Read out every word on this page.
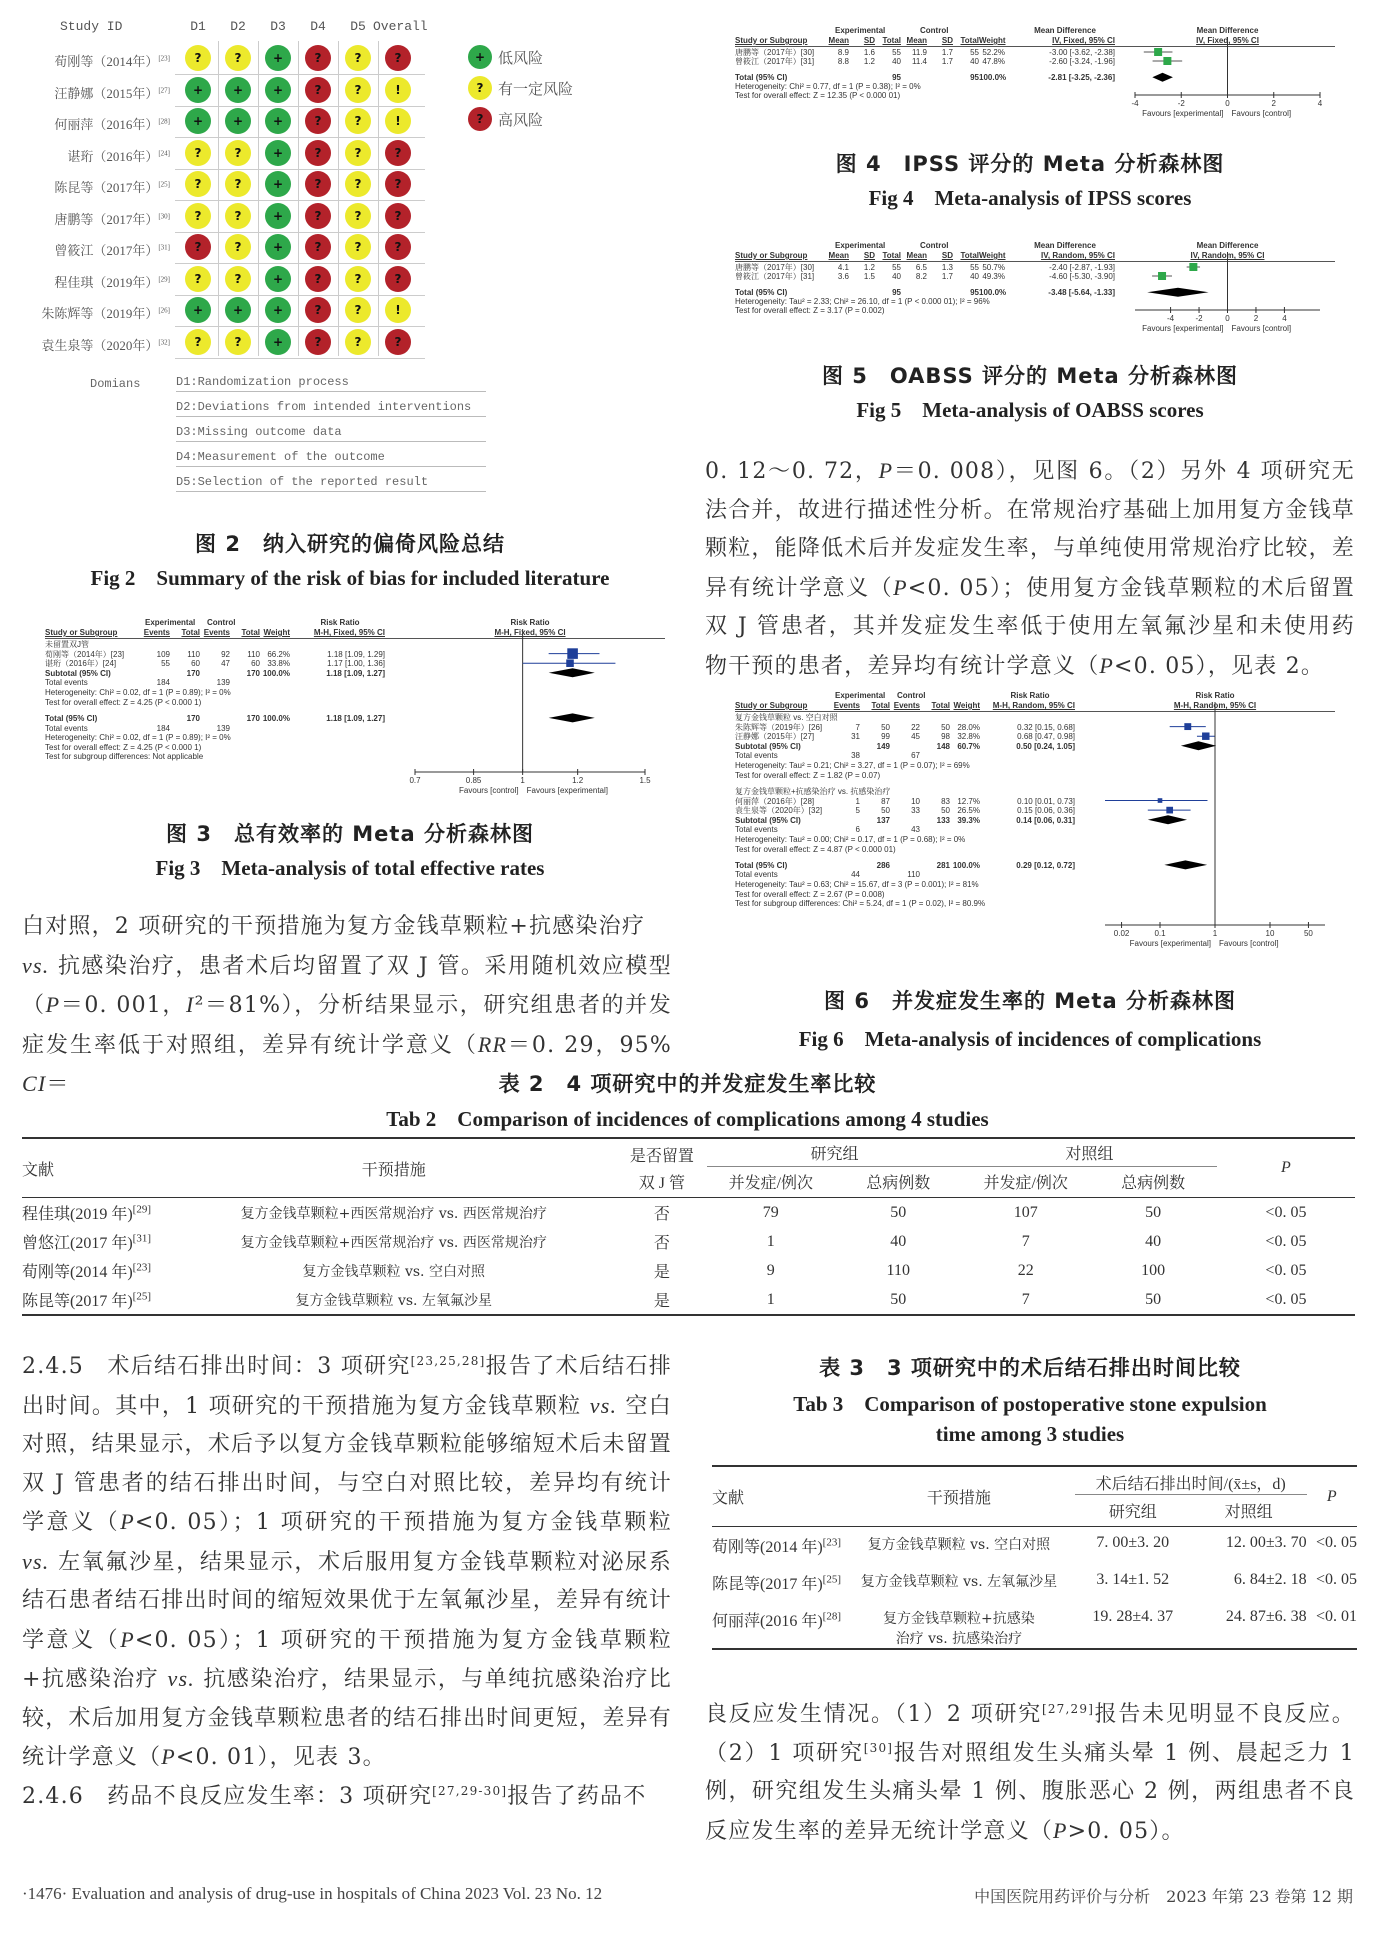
Study ID	D1	D2	D3	D4	D5 Overall
荀刚等（2014年）[23]	?	?	+	?	?	?
汪静娜（2015年）[27]	+	+	+	?	?	!
何丽萍（2016年）[28]	+	+	+	?	?	!
谌珩（2016年）[24]	?	?	+	?	?	?
陈昆等（2017年）[25]	?	?	+	?	?	?
唐鹏等（2017年）[30]	?	?	+	?	?	?
曾筱江（2017年）[31]	?	?	+	?	?	?
程佳琪（2019年）[29]	?	?	+	?	?	?
朱陈辉等（2019年）[26]	+	+	+	?	?	!
袁生泉等（2020年）[32]	?	?	+	?	?	?
+ 低风险
? 有一定风险
? 高风险
Domians	D1:Randomization process
D2:Deviations from intended interventions
D3:Missing outcome data
D4:Measurement of the outcome
D5:Selection of the reported result
图 2　纳入研究的偏倚风险总结
Fig 2　Summary of the risk of bias for included literature
Experimental	Control	Mean Difference	Mean Difference
Study or Subgroup	Mean	SD Total Mean	SD Total Weight	IV, Fixed, 95% CI	IV, Fixed, 95% CI
-4	-2	0	2	4
Favours [experimental] Favours [control]
唐鹏等（2017年）[30]	8.9	1.6	55	11.9	1.7	55 52.2%	-3.00 [-3.62, -2.38]
曾筱江（2017年）[31]	8.8	1.2	40	11.4	1.7	40 47.8%	-2.60 [-3.24, -1.96]
Total (95% CI)	95	95 100.0%	-2.81 [-3.25, -2.36]
Heterogeneity: Chi² = 0.77, df = 1 (P = 0.38); I² = 0%
Test for overall effect: Z = 12.35 (P < 0.000 01)
图 4　IPSS 评分的 Meta 分析森林图
Fig 4　Meta-analysis of IPSS scores
Experimental	Control	Mean Difference	Mean Difference
Study or Subgroup	Mean	SD Total Mean	SD Total Weight	IV, Random, 95% CI	IV, Random, 95% CI
-4	-2	0	2	4
Favours [experimental] Favours [control]
唐鹏等（2017年）[30]	4.1	1.2	55	6.5	1.3	55 50.7%	-2.40 [-2.87, -1.93]
曾筱江（2017年）[31]	3.6	1.5	40	8.2	1.7	40 49.3%	-4.60 [-5.30, -3.90]
Total (95% CI)	95	95 100.0%	-3.48 [-5.64, -1.33]
Heterogeneity: Tau² = 2.33; Chi² = 26.10, df = 1 (P < 0.000 01); I² = 96%
Test for overall effect: Z = 3.17 (P = 0.002)
图 5　OABSS 评分的 Meta 分析森林图
Fig 5　Meta-analysis of OABSS scores
Experimental Control	Risk Ratio	Risk Ratio
Study or Subgroup	Events	Total Events	Total Weight	M-H, Fixed, 95% CI	M-H, Fixed, 95% CI
0.7	0.85	1	1.2	1.5
Favours [control] Favours [experimental]
未留置双J管
荀刚等（2014年）[23]	109	110	92	110 66.2%	1.18 [1.09, 1.29]
谌珩（2016年）[24]	55	60	47	60 33.8%	1.17 [1.00, 1.36]
Subtotal (95% CI)	170	170 100.0%	1.18 [1.09, 1.27]
Total events	184	139
Heterogeneity: Chi² = 0.02, df = 1 (P = 0.89); I² = 0%
Test for overall effect: Z = 4.25 (P < 0.000 1)
Total (95% CI)	170	170 100.0%	1.18 [1.09, 1.27]
Total events	184	139
Heterogeneity: Chi² = 0.02, df = 1 (P = 0.89); I² = 0%
Test for overall effect: Z = 4.25 (P < 0.000 1)
Test for subgroup differences: Not applicable
图 3　总有效率的 Meta 分析森林图
Fig 3　Meta-analysis of total effective rates
Experimental Control	Risk Ratio	Risk Ratio
Study or Subgroup	Events	Total Events	Total Weight	M-H, Random, 95% CI	M-H, Random, 95% CI
0.02	0.1	1	10	50
Favours [experimental] Favours [control]
复方金钱草颗粒 vs. 空白对照
朱陈辉等（2019年）[26]	7	50	22	50 28.0%	0.32 [0.15, 0.68]
汪静娜（2015年）[27]	31	99	45	98 32.8%	0.68 [0.47, 0.98]
Subtotal (95% CI)	149	148 60.7%	0.50 [0.24, 1.05]
Total events	38	67
Heterogeneity: Tau² = 0.21; Chi² = 3.27, df = 1 (P = 0.07); I² = 69%
Test for overall effect: Z = 1.82 (P = 0.07)
复方金钱草颗粒+抗感染治疗 vs. 抗感染治疗
何丽萍（2016年）[28]	1	87	10	83 12.7%	0.10 [0.01, 0.73]
袁生泉等（2020年）[32]	5	50	33	50 26.5%	0.15 [0.06, 0.36]
Subtotal (95% CI)	137	133 39.3%	0.14 [0.06, 0.31]
Total events	6	43
Heterogeneity: Tau² = 0.00; Chi² = 0.17, df = 1 (P = 0.68); I² = 0%
Test for overall effect: Z = 4.87 (P < 0.000 01)
Total (95% CI)	286	281 100.0%	0.29 [0.12, 0.72]
Total events	44	110
Heterogeneity: Tau² = 0.63; Chi² = 15.67, df = 3 (P = 0.001); I² = 81%
Test for overall effect: Z = 2.67 (P = 0.008)
Test for subgroup differences: Chi² = 5.24, df = 1 (P = 0.02), I² = 80.9%
图 6　并发症发生率的 Meta 分析森林图
Fig 6　Meta-analysis of incidences of complications
白对照，2 项研究的干预措施为复方金钱草颗粒+抗感染治疗
vs. 抗感染治疗，患者术后均留置了双 J 管。采用随机效应模型（P＝0. 001，I²＝81%），分析结果显示，研究组患者的并发症发生率低于对照组，差异有统计学意义（RR＝0. 29，95% CI＝
0. 12～0. 72，P＝0. 008），见图 6。（2）另外 4 项研究无法合并，故进行描述性分析。在常规治疗基础上加用复方金钱草颗粒，能降低术后并发症发生率，与单纯使用常规治疗比较，差异有统计学意义（P<0. 05）；使用复方金钱草颗粒的术后留置双 J 管患者，其并发症发生率低于使用左氧氟沙星和未使用药物干预的患者，差异均有统计学意义（P<0. 05），见表 2。
表 2　4 项研究中的并发症发生率比较
Tab 2　Comparison of incidences of complications among 4 studies
文献	干预措施	是否留置	研究组		对照组		P
		双 J 管	并发症/例次	总病例数	并发症/例次	总病例数	
程佳琪(2019 年)[29]	复方金钱草颗粒+西医常规治疗 vs. 西医常规治疗	否	79	50	107	50	<0. 05
曾悠江(2017 年)[31]	复方金钱草颗粒+西医常规治疗 vs. 西医常规治疗	否	1	40	7	40	<0. 05
荀刚等(2014 年)[23]	复方金钱草颗粒 vs. 空白对照	是	9	110	22	100	<0. 05
陈昆等(2017 年)[25]	复方金钱草颗粒 vs. 左氧氟沙星	是	1	50	7	50	<0. 05
2.4.5　术后结石排出时间：3 项研究[23,25,28]报告了术后结石排出时间。其中，1 项研究的干预措施为复方金钱草颗粒 vs. 空白对照，结果显示，术后予以复方金钱草颗粒能够缩短术后未留置双 J 管患者的结石排出时间，与空白对照比较，差异均有统计学意义（P<0. 05）；1 项研究的干预措施为复方金钱草颗粒 vs. 左氧氟沙星，结果显示，术后服用复方金钱草颗粒对泌尿系结石患者结石排出时间的缩短效果优于左氧氟沙星，差异有统计学意义（P<0. 05）；1 项研究的干预措施为复方金钱草颗粒+抗感染治疗 vs. 抗感染治疗，结果显示，与单纯抗感染治疗比较，术后加用复方金钱草颗粒患者的结石排出时间更短，差异有统计学意义（P<0. 01），见表 3。
2.4.6　药品不良反应发生率：3 项研究[27,29-30]报告了药品不
表 3　3 项研究中的术后结石排出时间比较
Tab 3　Comparison of postoperative stone expulsion
time among 3 studies
文献	干预措施	术后结石排出时间/(x̄±s，d)		P
		研究组	对照组	
荀刚等(2014 年)[23]	复方金钱草颗粒 vs. 空白对照	7. 00±3. 20	12. 00±3. 70	<0. 05
陈昆等(2017 年)[25]	复方金钱草颗粒 vs. 左氧氟沙星	3. 14±1. 52	6. 84±2. 18	<0. 05
何丽萍(2016 年)[28]	复方金钱草颗粒+抗感染
治疗 vs. 抗感染治疗	19. 28±4. 37	24. 87±6. 38	<0. 01
良反应发生情况。（1）2 项研究[27,29]报告未见明显不良反应。（2）1 项研究[30]报告对照组发生头痛头晕 1 例、晨起乏力 1 例，研究组发生头痛头晕 1 例、腹胀恶心 2 例，两组患者不良反应发生率的差异无统计学意义（P>0. 05）。
·1476· Evaluation and analysis of drug-use in hospitals of China 2023 Vol. 23 No. 12	中国医院用药评价与分析　2023 年第 23 卷第 12 期
